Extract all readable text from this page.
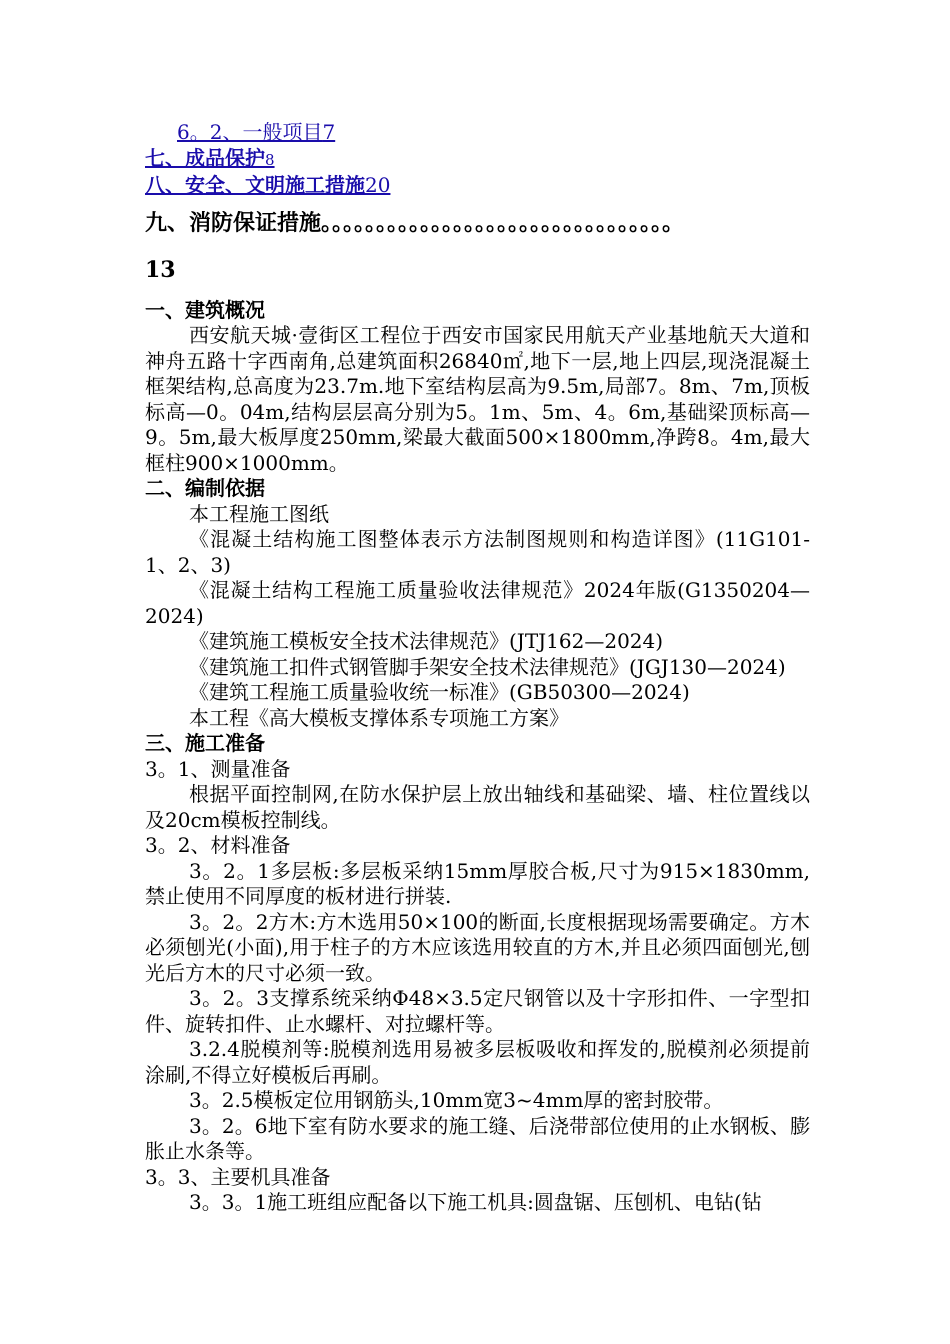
6。2、一般项目7
七、成品保护8
八、安全、文明施工措施20
九、消防保证措施。。。。。。。。。。。。。。。。。。。。。。。。。。。。。。。。
13
一、建筑概况

西安航天城·壹街区工程位于西安市国家民用航天产业基地航天大道和神舟五路十字西南角,总建筑面积26840㎡,地下一层,地上四层,现浇混凝土框架结构,总高度为23.7m.地下室结构层高为9.5m,局部7。8m、7m,顶板标高—0。04m,结构层层高分别为5。1m、5m、4。6m,基础梁顶标高—9。5m,最大板厚度250mm,梁最大截面500×1800mm,净跨8。4m,最大框柱900×1000mm。

二、编制依据

本工程施工图纸

《混凝土结构施工图整体表示方法制图规则和构造详图》(11G101-1、2、3)

《混凝土结构工程施工质量验收法律规范》2024年版(G1350204—2024)

《建筑施工模板安全技术法律规范》(JTJ162—2024)

《建筑施工扣件式钢管脚手架安全技术法律规范》(JGJ130—2024)

《建筑工程施工质量验收统一标准》(GB50300—2024)

本工程《高大模板支撑体系专项施工方案》

三、施工准备

3。1、测量准备

根据平面控制网,在防水保护层上放出轴线和基础梁、墙、柱位置线以及20cm模板控制线。

3。2、材料准备

3。2。1多层板:多层板采纳15mm厚胶合板,尺寸为915×1830mm,禁止使用不同厚度的板材进行拼装.

3。2。2方木:方木选用50×100的断面,长度根据现场需要确定。方木必须刨光(小面),用于柱子的方木应该选用较直的方木,并且必须四面刨光,刨光后方木的尺寸必须一致。

3。2。3支撑系统采纳Φ48×3.5定尺钢管以及十字形扣件、一字型扣件、旋转扣件、止水螺杆、对拉螺杆等。

3.2.4脱模剂等:脱模剂选用易被多层板吸收和挥发的,脱模剂必须提前涂刷,不得立好模板后再刷。

3。2.5模板定位用钢筋头,10mm宽3~4mm厚的密封胶带。

3。2。6地下室有防水要求的施工缝、后浇带部位使用的止水钢板、膨胀止水条等。

3。3、主要机具准备

3。3。1施工班组应配备以下施工机具:圆盘锯、压刨机、电钻(钻
